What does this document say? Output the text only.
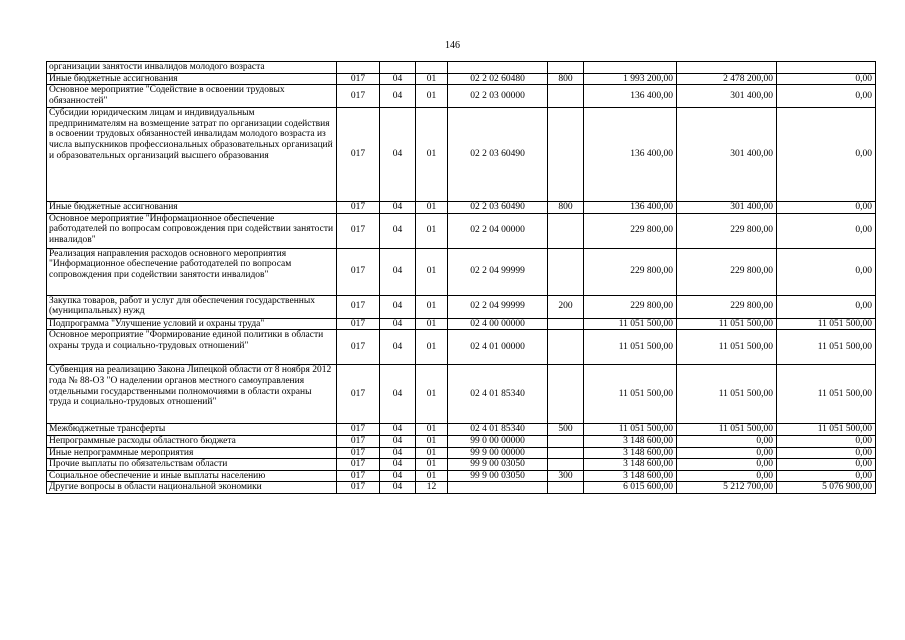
146
организации занятости инвалидов молодого возраста								
Иные бюджетные ассигнования	017	04	01	02 2 02 60480	800	1 993 200,00	2 478 200,00	0,00
Основное мероприятие "Содействие в освоении трудовых обязанностей"	017	04	01	02 2 03 00000		136 400,00	301 400,00	0,00
Субсидии юридическим лицам и индивидуальным предпринимателям на возмещение затрат по организации содействия в освоении трудовых обязанностей инвалидам молодого возраста из числа выпускников профессиональных образовательных организаций и образовательных организаций высшего образования	017	04	01	02 2 03 60490		136 400,00	301 400,00	0,00
Иные бюджетные ассигнования	017	04	01	02 2 03 60490	800	136 400,00	301 400,00	0,00
Основное мероприятие "Информационное обеспечение работодателей по вопросам сопровождения при содействии занятости инвалидов"	017	04	01	02 2 04 00000		229 800,00	229 800,00	0,00
Реализация направления расходов основного мероприятия "Информационное обеспечение работодателей по вопросам сопровождения при содействии занятости инвалидов"	017	04	01	02 2 04 99999		229 800,00	229 800,00	0,00
Закупка товаров, работ и услуг для обеспечения государственных (муниципальных) нужд	017	04	01	02 2 04 99999	200	229 800,00	229 800,00	0,00
Подпрограмма "Улучшение условий и охраны труда"	017	04	01	02 4 00 00000		11 051 500,00	11 051 500,00	11 051 500,00
Основное мероприятие "Формирование единой политики в области охраны труда и социально-трудовых отношений"	017	04	01	02 4 01 00000		11 051 500,00	11 051 500,00	11 051 500,00
Субвенция на реализацию Закона Липецкой области от 8 ноября 2012 года № 88-ОЗ "О наделении органов местного самоуправления отдельными государственными полномочиями в области охраны труда и социально-трудовых отношений"	017	04	01	02 4 01 85340		11 051 500,00	11 051 500,00	11 051 500,00
Межбюджетные трансферты	017	04	01	02 4 01 85340	500	11 051 500,00	11 051 500,00	11 051 500,00
Непрограммные расходы областного бюджета	017	04	01	99 0 00 00000		3 148 600,00	0,00	0,00
Иные непрограммные мероприятия	017	04	01	99 9 00 00000		3 148 600,00	0,00	0,00
Прочие выплаты по обязательствам области	017	04	01	99 9 00 03050		3 148 600,00	0,00	0,00
Социальное обеспечение и иные выплаты населению	017	04	01	99 9 00 03050	300	3 148 600,00	0,00	0,00
Другие вопросы в области национальной экономики	017	04	12			6 015 600,00	5 212 700,00	5 076 900,00
